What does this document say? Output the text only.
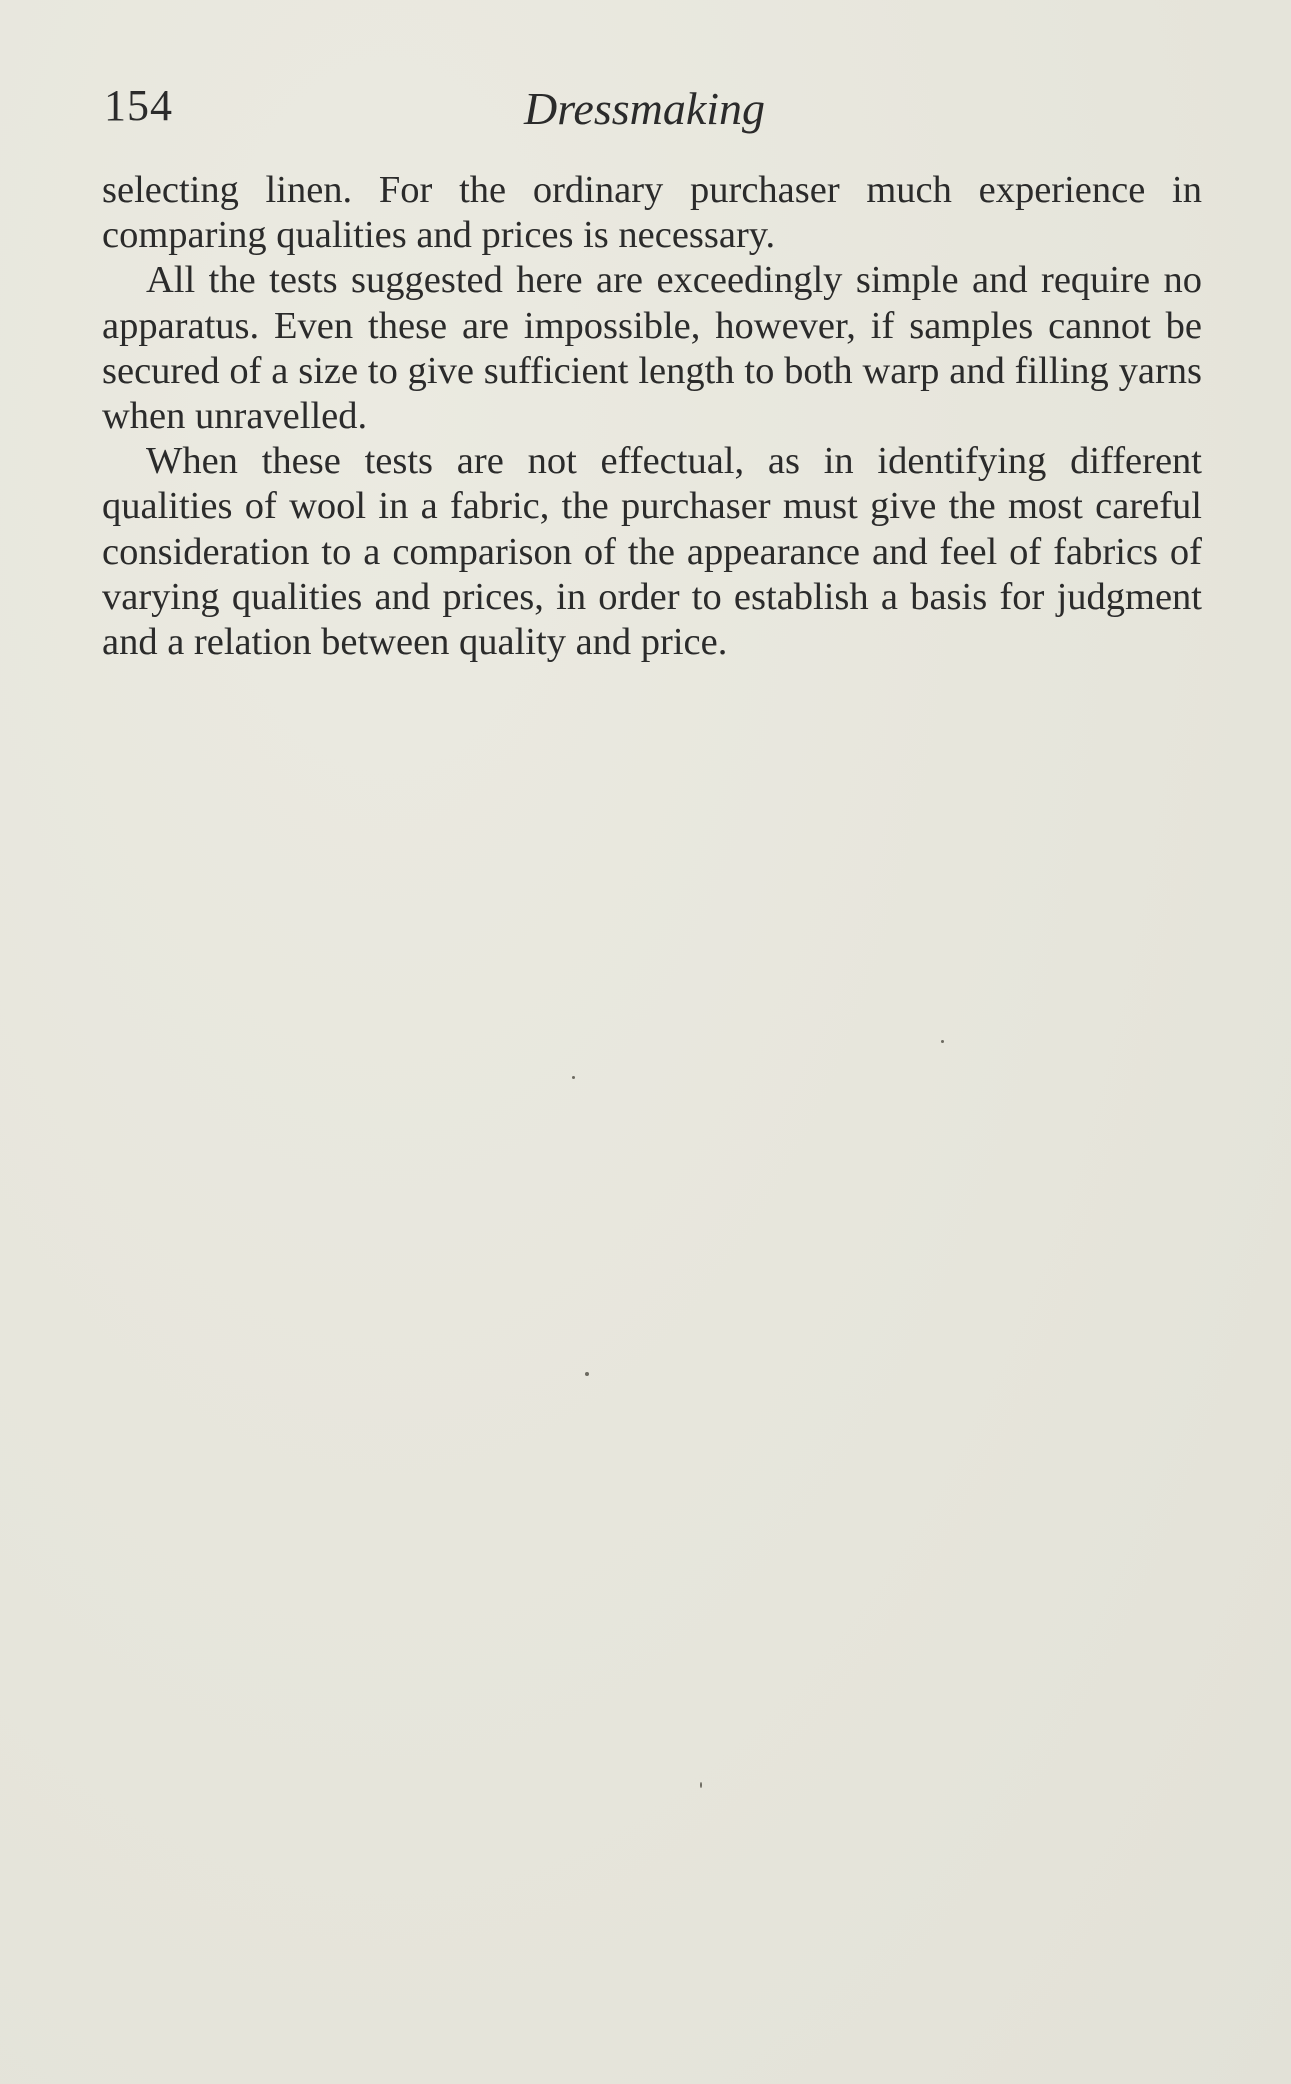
154	Dressmaking

selecting linen. For the ordinary purchaser much experience in comparing qualities and prices is necessary.

All the tests suggested here are exceedingly simple and require no apparatus. Even these are impossible, however, if samples cannot be secured of a size to give sufficient length to both warp and filling yarns when unravelled.

When these tests are not effectual, as in identifying different qualities of wool in a fabric, the purchaser must give the most careful consideration to a comparison of the appearance and feel of fabrics of varying qualities and prices, in order to establish a basis for judgment and a relation between quality and price.
